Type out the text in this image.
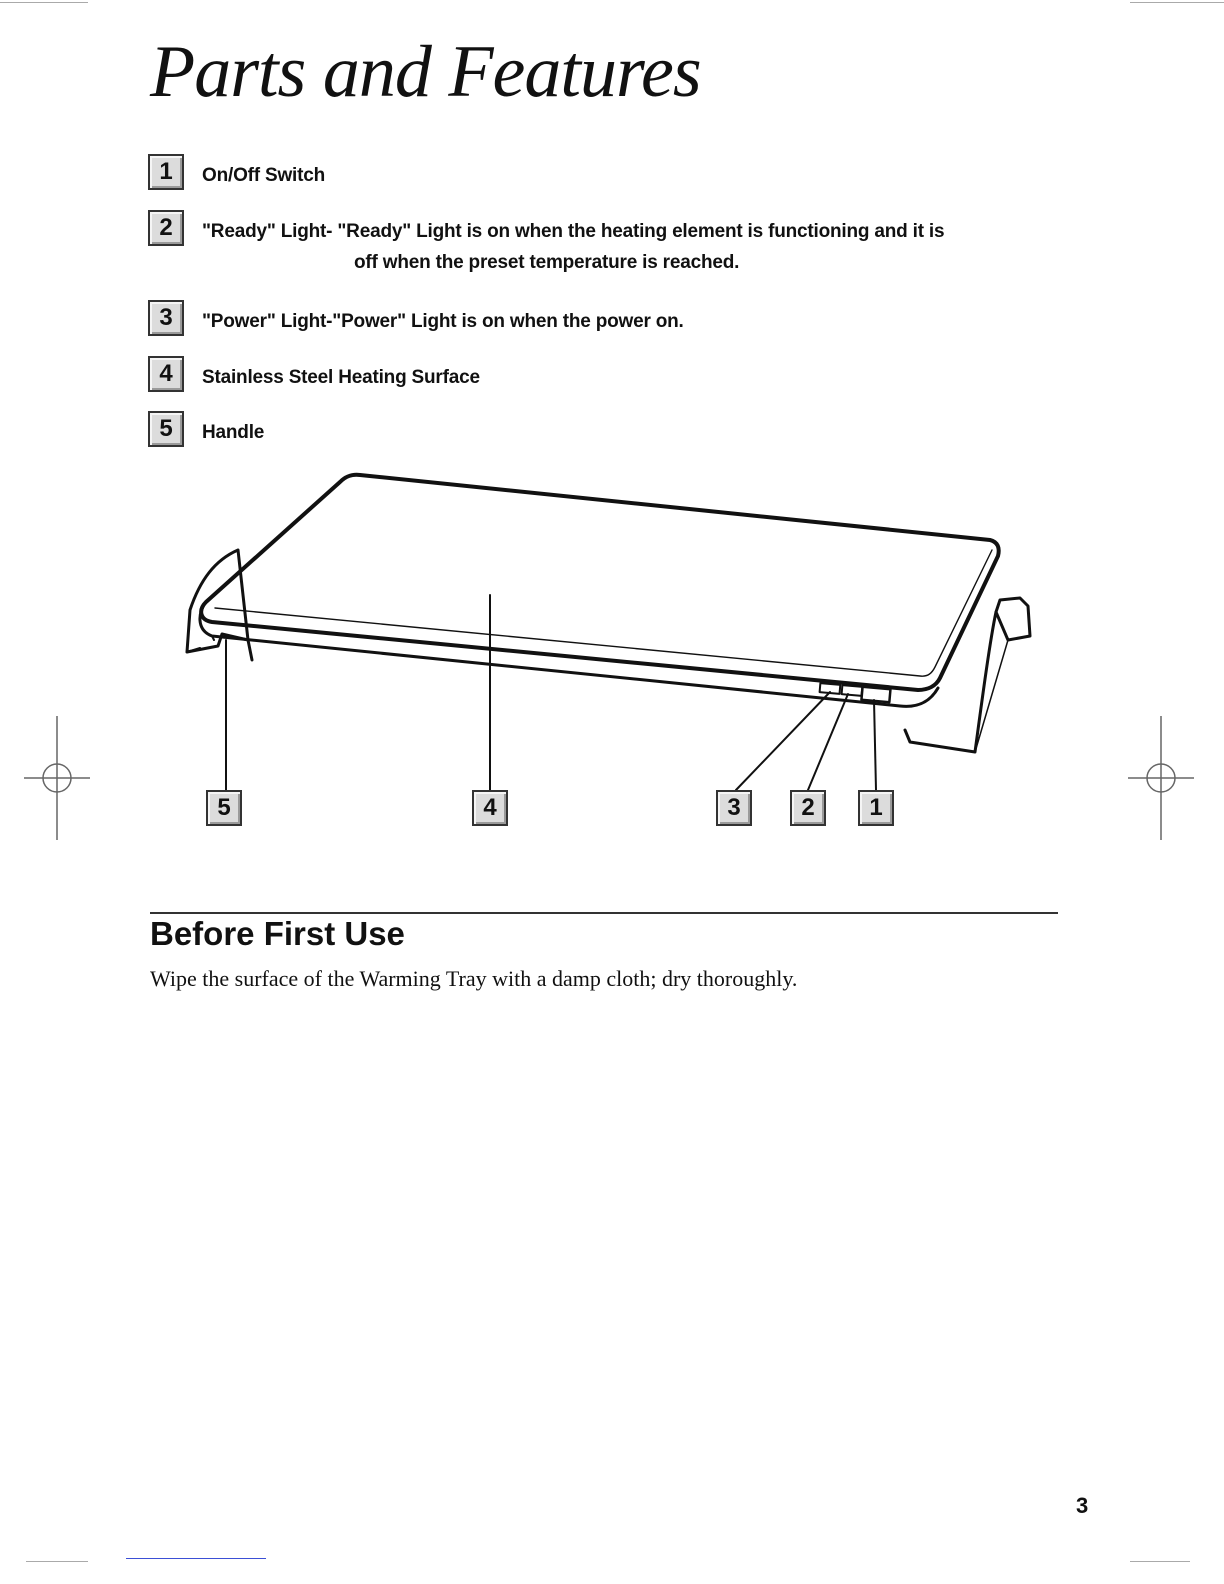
Parts and Features
1	On/Off Switch
2	"Ready" Light- "Ready" Light is on when the heating element is functioning and it is
off when the preset temperature is reached.
3	"Power" Light-"Power" Light is on when the power on.
4	Stainless Steel Heating Surface
5	Handle
5	4	3	2	1
Before First Use

Wipe the surface of the Warming Tray with a damp cloth; dry thoroughly.

3
